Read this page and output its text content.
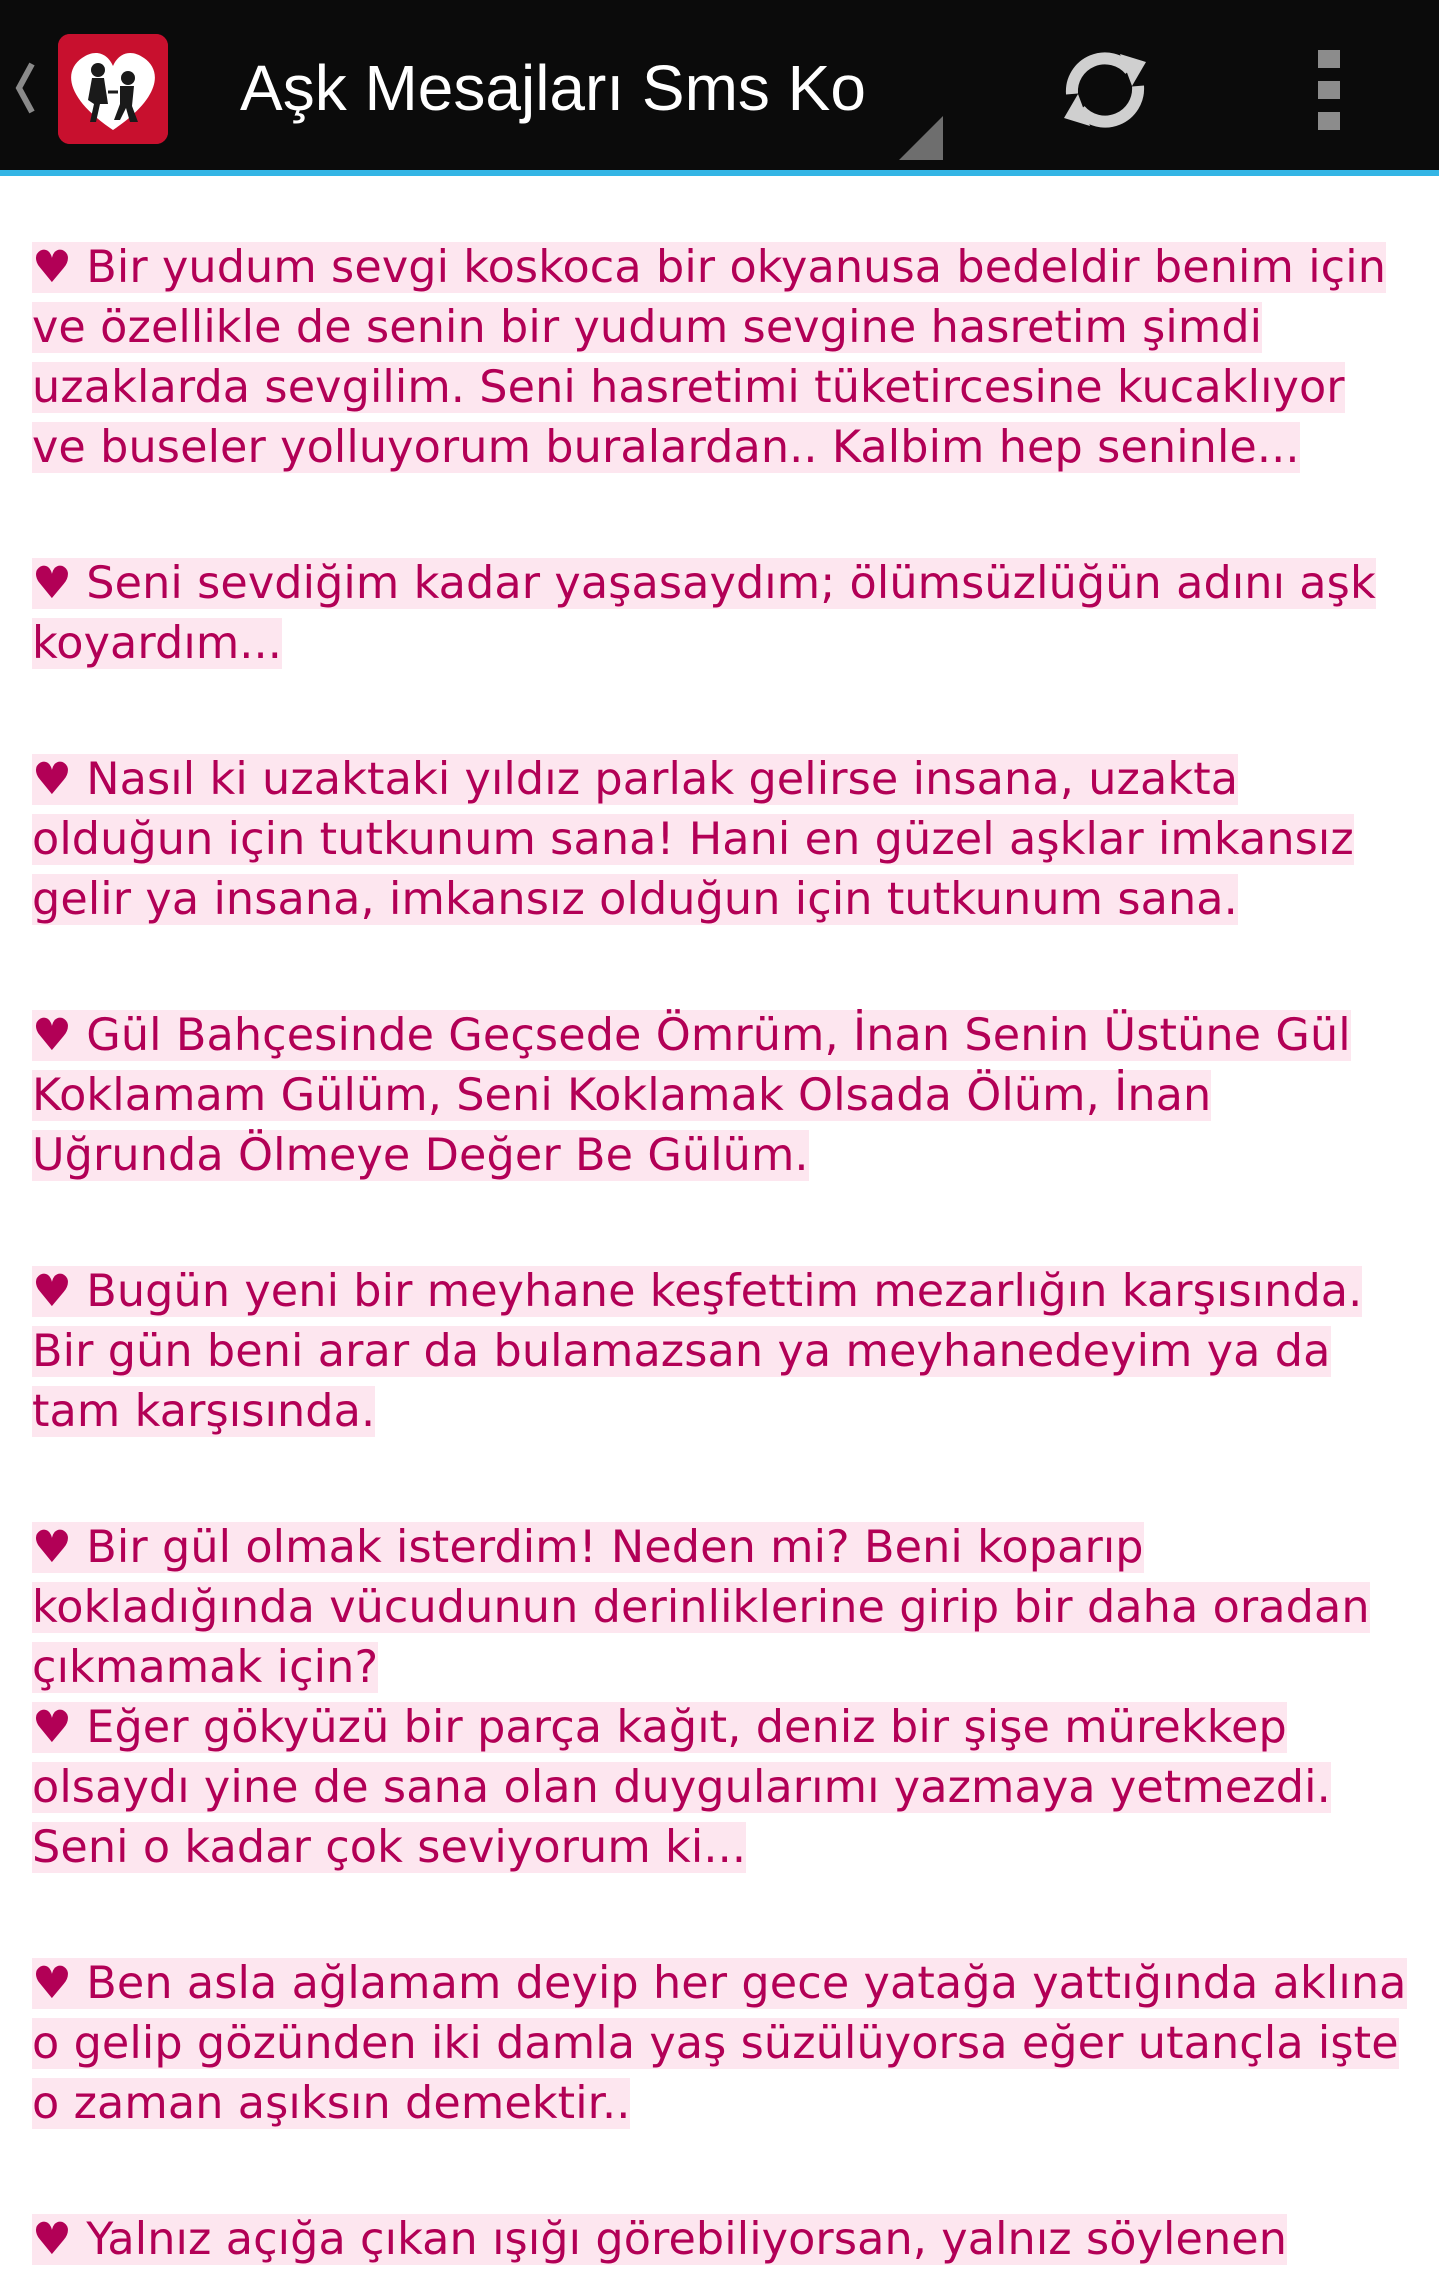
Aşk Mesajları Sms Ko

♥ Bir yudum sevgi koskoca bir okyanusa bedeldir benim için ve özellikle de senin bir yudum sevgine hasretim şimdi uzaklarda sevgilim. Seni hasretimi tüketircesine kucaklıyor ve buseler yolluyorum buralardan.. Kalbim hep seninle...

♥ Seni sevdiğim kadar yaşasaydım; ölümsüzlüğün adını aşk koyardım...

♥ Nasıl ki uzaktaki yıldız parlak gelirse insana, uzakta olduğun için tutkunum sana! Hani en güzel aşklar imkansız gelir ya insana, imkansız olduğun için tutkunum sana.

♥ Gül Bahçesinde Geçsede Ömrüm, İnan Senin Üstüne Gül Koklamam Gülüm, Seni Koklamak Olsada Ölüm, İnan Uğrunda Ölmeye Değer Be Gülüm.

♥ Bugün yeni bir meyhane keşfettim mezarlığın karşısında. Bir gün beni arar da bulamazsan ya meyhanedeyim ya da tam karşısında.

♥ Bir gül olmak isterdim! Neden mi? Beni koparıp kokladığında vücudunun derinliklerine girip bir daha oradan çıkmamak için?
♥ Eğer gökyüzü bir parça kağıt, deniz bir şişe mürekkep olsaydı yine de sana olan duygularımı yazmaya yetmezdi. Seni o kadar çok seviyorum ki...

♥ Ben asla ağlamam deyip her gece yatağa yattığında aklına o gelip gözünden iki damla yaş süzülüyorsa eğer utançla işte o zaman aşıksın demektir..

♥ Yalnız açığa çıkan ışığı görebiliyorsan, yalnız söylenen
